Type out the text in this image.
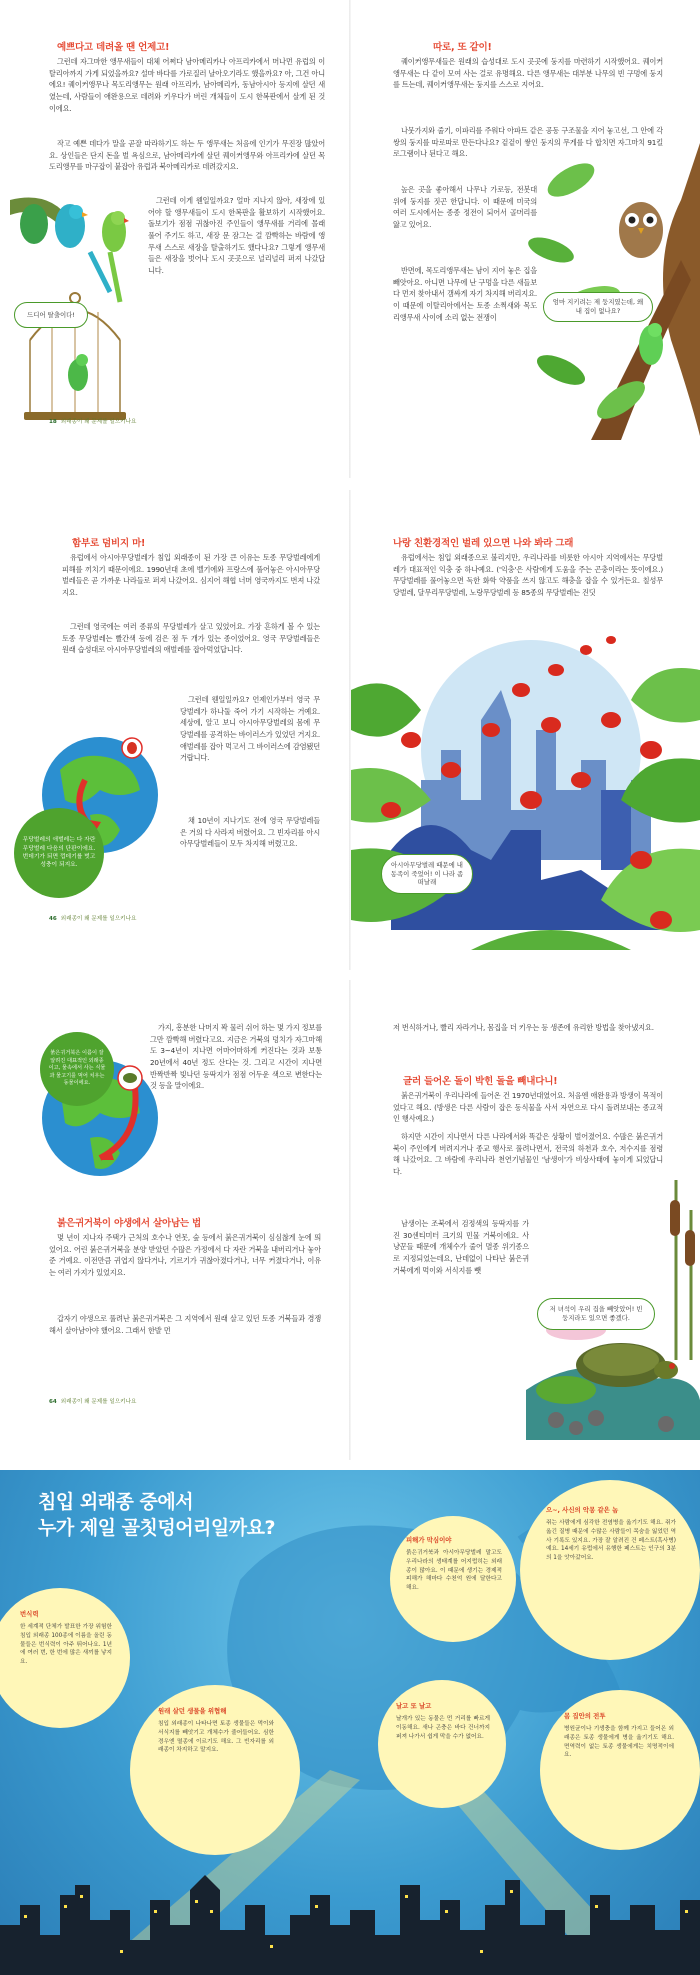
예쁘다고 데려올 땐 언제고!

그런데 자그마한 앵무새들이 대체 어쩌다 남아메리카나 아프리카에서 머나먼 유럽의 이탈리아까지 가게 되었을까요? 설마 바다를 가로질러 날아오기라도 했을까요? 아, 그건 아니에요! 퀘이커앵무나 목도리앵무는 원래 아프리카, 남아메리카, 동남아시아 등지에 살던 새였는데, 사람들이 애완용으로 데려와 키우다가 버린 개체들이 도시 한복판에서 살게 된 것이에요.

작고 예쁜 데다가 말을 곧잘 따라하기도 하는 두 앵무새는 처음에 인기가 무진장 많았어요. 상인들은 단지 돈을 벌 욕심으로, 남아메리카에 살던 퀘이커앵무와 아프리카에 살던 목도리앵무를 마구잡이 붙잡아 유럽과 북아메리카로 데려갔지요.

그런데 이게 웬일일까요? 얼마 지나지 않아, 새장에 있어야 할 앵무새들이 도시 한복판을 활보하기 시작했어요. 돌보기가 점점 귀찮아진 주인들이 앵무새를 거리에 몰래 풀어 주기도 하고, 새장 문 잠그는 걸 깜빡하는 바람에 앵무새 스스로 새장을 탈출하기도 했다나요? 그렇게 앵무새들은 새장을 벗어나 도시 곳곳으로 널리널리 퍼져 나갔답니다.

드디어 탈출이다!
18 외래종이 왜 문제를 일으키나요
따로, 또 같이!

퀘이커앵무새들은 원래의 습성대로 도시 곳곳에 둥지를 마련하기 시작했어요. 퀘이커앵무새는 다 같이 모여 사는 걸로 유명해요. 다른 앵무새는 대부분 나무의 빈 구멍에 둥지를 트는데, 퀘이커앵무새는 둥지를 스스로 지어요.

나뭇가지와 줄기, 이파리를 주워다 아파트 같은 공동 구조물을 지어 놓고선, 그 안에 각 쌍의 둥지를 따로따로 만든다나요? 겉겉이 쌓인 둥지의 무게를 다 합치면 자그마치 91킬로그램이나 된다고 해요.

높은 곳을 좋아해서 나무나 가로등, 전봇대 위에 둥지를 짓곤 한답니다. 이 때문에 미국의 여러 도시에서는 종종 정전이 되어서 골머리를 앓고 있어요.

반면에, 목도리앵무새는 남이 지어 놓은 집을 빼앗아요. 아니면 나무에 난 구멍을 다른 새들보다 먼저 찾아내서 갬싸게 자기 차지해 버리지요. 이 때문에 이탈리아에서는 토종 소쩍새와 목도리앵무새 사이에 소리 없는 전쟁이

엄마 지키려는 제 둥지였는데, 왜 내 집이 없나요?
함부로 덤비지 마!

유럽에서 아시아무당벌레가 침입 외래종이 된 가장 큰 이유는 토종 무당벌레에게 피해를 끼치기 때문이에요. 1990년대 초에 벨기에와 프랑스에 풀어놓은 아시아무당벌레들은 곧 가까운 나라들로 퍼져 나갔어요. 심지어 해협 너머 영국까지도 번져 나갔지요.

그런데 영국에는 여러 종류의 무당벌레가 살고 있었어요. 가장 흔하게 볼 수 있는 토종 무당벌레는 빨간색 등에 검은 점 두 개가 있는 종이었어요. 영국 무당벌레들은 원래 습성대로 아시아무당벌레의 애벌레를 잡아먹었답니다.

그런데 웬일일까요? 언제인가부터 영국 무당벌레가 하나둘 죽어 가기 시작하는 거예요. 세상에, 알고 보니 아시아무당벌레의 몸에 무당벌레를 공격하는 바이러스가 있었던 거지요. 애벌레를 잡아 먹고서 그 바이러스에 감염됐던 거랍니다.

채 10년이 지나기도 전에 영국 무당벌레들은 거의 다 사라져 버렸어요. 그 빈자리를 아시아무당벌레들이 모두 차지해 버렸고요.

무당벌레의 애벌레는 다 자란 무당벌레 다음의 단판이에요. 번데기가 되면 껍데기를 벗고 성충이 되지요.
46 외래종이 왜 문제를 일으키나요
나랑 친환경적인 벌레 있으면 나와 봐라 그래

유럽에서는 침입 외래종으로 불리지만, 우리나라를 비롯한 아시아 지역에서는 무당벌레가 대표적인 익충 중 하나예요. ('익충'은 사람에게 도움을 주는 곤충이라는 뜻이에요.) 무당벌레를 풀어놓으면 독한 화학 약품을 쓰지 않고도 해충을 잡을 수 있거든요. 칠성무당벌레, 달무리무당벌레, 노랑무당벌레 등 85종의 무당벌레는 진딧

아시아무당벌레 때문에 내 동족이 죽었어! 이 나라 좀 떠날래
붉은귀거북은 이름이 잘 알려진 대표적인 외래종이고, 물속에서 사는 식물과 물고기를 먹어 치우는 동물이에요.

가지, 흥분한 나머지 꽉 물러 쉬어 하는 몇 가지 정보를 그만 깜빡해 버렸다고요. 지금은 거북의 덩치가 자그마해도 3~4년이 지나면 어마어마하게 커진다는 것과 보통 20년에서 40년 정도 산다는 것. 그리고 시간이 지나면 반짝반짝 빛나던 등딱지가 점점 어두운 색으로 변한다는 것 등을 말이에요.

붉은귀거북이 야생에서 살아남는 법

몇 년이 지나자 주택가 근처의 호수나 연못, 숲 등에서 붉은귀거북이 심심찮게 눈에 띄었어요. 어린 붉은귀거북을 분양 받았던 수많은 가정에서 다 자란 거북을 내버리거나 놓아준 거예요. 이전만큼 귀엽지 않다거나, 기르기가 귀찮아졌다거나, 너무 커졌다거나, 이유는 여러 가지가 있었지요.

갑자기 야생으로 풀려난 붉은귀거북은 그 지역에서 원래 살고 있던 토종 거북들과 경쟁해서 살아남아야 했어요. 그래서 한발 먼

64 외래종이 왜 문제를 일으키나요

저 번식하거나, 빨리 자라거나, 몸집을 더 키우는 등 생존에 유리한 방법을 찾아냈지요.

글러 들어온 돌이 박힌 돌을 빼내다니!

붉은귀거북이 우리나라에 들어온 건 1970년대였어요. 처음엔 애완용과 방생이 목적이었다고 해요. (방생은 다른 사람이 잡은 동식물을 사서 자연으로 다시 돌려보내는 종교적인 행사예요.)

하지만 시간이 지나면서 다른 나라에서와 똑같은 상황이 벌어졌어요. 수많은 붉은귀거북이 주인에게 버려지거나 종교 행사로 풀려나면서, 전국의 하천과 호수, 저수지를 점령해 나갔어요. 그 바람에 우리나라 천연기념물인 '남생이'가 비상사태에 놓이게 되었답니다.

남생이는 조북에서 검정색의 등딱지를 가진 30센티미터 크기의 민물 거북이에요. 사냥꾼들 때문에 개체수가 줄어 멸종 위기종으로 지정되었는데요, 난데없이 나타난 붉은귀거북에게 먹이와 서식지를 뺏

저 녀석이 우리 집을 빼앗았어! 빈 둥지라도 있으면 좋겠다.
침입 외래종 중에서
누가 제일 골칫덩어리일까요?
번식력
한 세계적 단체가 발표한 가장 위험한 침입 외래종 100종에 이름을 올린 동물들은 번식력이 아주 뛰어나요. 1년에 여러 번, 한 번에 많은 새끼를 낳지요.
원래 살던 생물을 위협해
침입 외래종이 나타나면 토종 생물들은 먹이와 서식지를 빼앗기고 개체수가 줄어들어요. 심한 경우엔 멸종에 이르기도 해요. 그 빈자리를 외래종이 차지하고 말지요.
피해가 막심이야
붉은귀거북과 아시아무당벌레 말고도 우리나라의 생태계를 어지럽히는 외래종이 많아요. 이 때문에 생기는 경제적 피해가 해마다 수천억 원에 달한다고 해요.
날고 또 날고
날개가 있는 동물은 먼 거리를 빠르게 이동해요. 새나 곤충은 바다 건너까지 퍼져 나가서 쉽게 막을 수가 없어요.
으~, 사신의 악몽 같은 놈
쥐는 사람에게 심각한 전염병을 옮기기도 해요. 쥐가 옮긴 질병 때문에 수많은 사람들이 목숨을 잃었던 역사 기록도 있지요. 가장 잘 알려진 건 페스트(흑사병)예요. 14세기 유럽에서 유행한 페스트는 인구의 3분의 1을 앗아갔어요.
몸 집안의 전투
병원균이나 기생충을 함께 가지고 들어온 외래종은 토종 생물에게 병을 옮기기도 해요. 면역력이 없는 토종 생물에게는 치명적이에요.
